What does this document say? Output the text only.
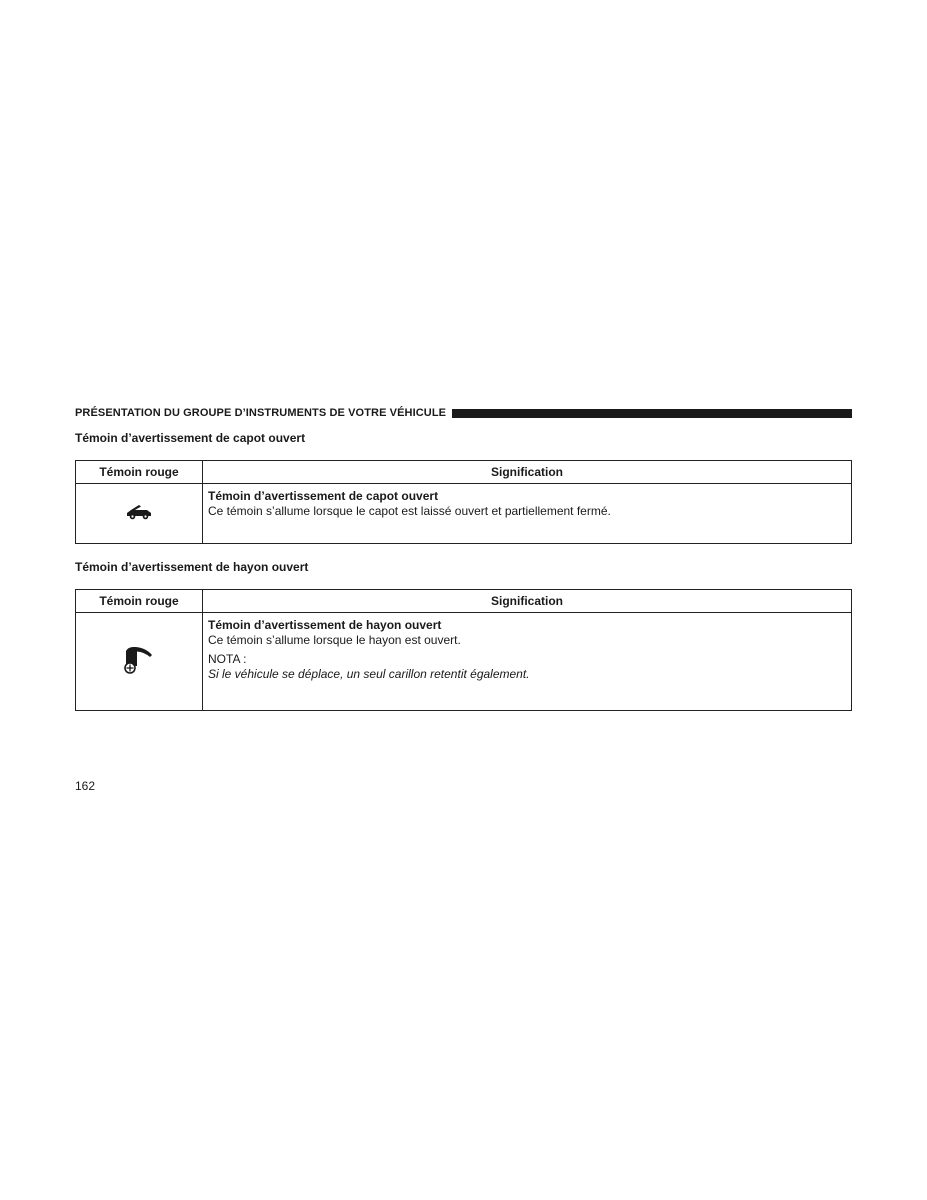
PRÉSENTATION DU GROUPE D’INSTRUMENTS DE VOTRE VÉHICULE
Témoin d’avertissement de capot ouvert
Témoin rouge	Signification

Témoin d’avertissement de capot ouvert
Ce témoin s’allume lorsque le capot est laissé ouvert et partiellement fermé.
Témoin d’avertissement de hayon ouvert
Témoin rouge	Signification

Témoin d’avertissement de hayon ouvert
Ce témoin s’allume lorsque le hayon est ouvert.
NOTA :
Si le véhicule se déplace, un seul carillon retentit également.
162
